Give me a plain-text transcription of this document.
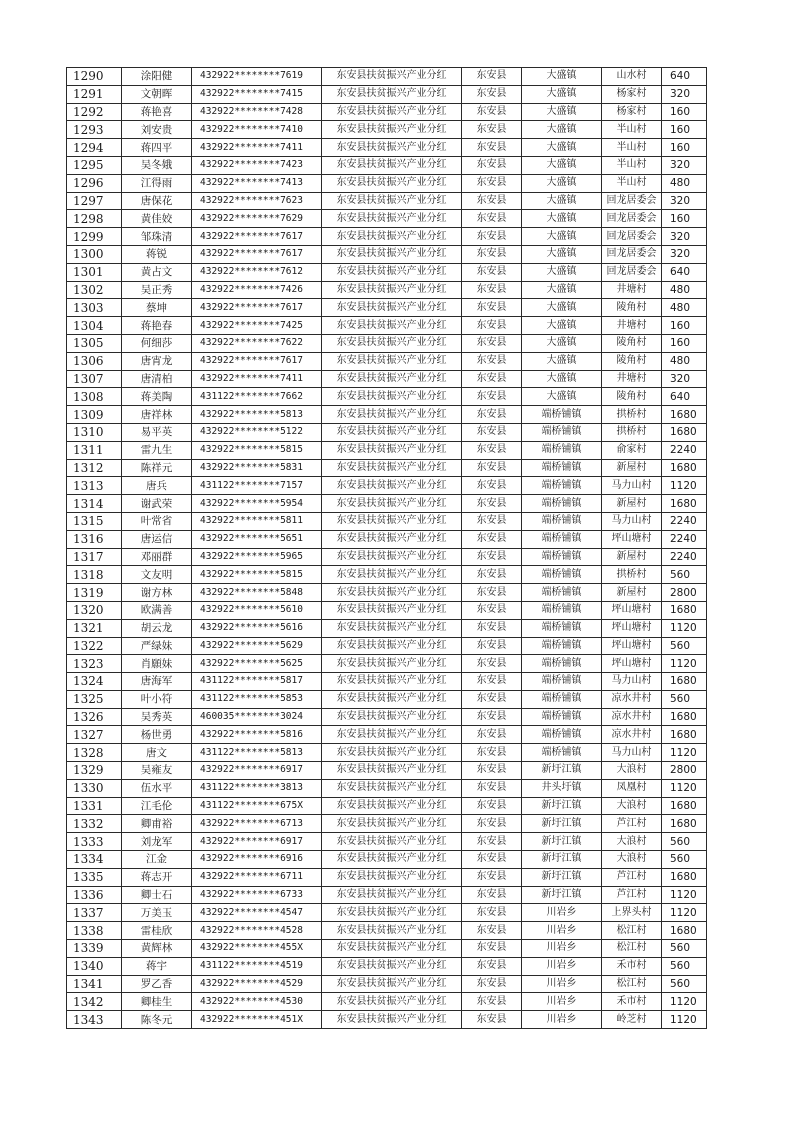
1290	涂阳健	432922********7619	东安县扶贫振兴产业分红	东安县	大盛镇	山水村	640
1291	文朝晖	432922********7415	东安县扶贫振兴产业分红	东安县	大盛镇	杨家村	320
1292	蒋艳喜	432922********7428	东安县扶贫振兴产业分红	东安县	大盛镇	杨家村	160
1293	刘安贵	432922********7410	东安县扶贫振兴产业分红	东安县	大盛镇	半山村	160
1294	蒋四平	432922********7411	东安县扶贫振兴产业分红	东安县	大盛镇	半山村	160
1295	吴冬娥	432922********7423	东安县扶贫振兴产业分红	东安县	大盛镇	半山村	320
1296	江得雨	432922********7413	东安县扶贫振兴产业分红	东安县	大盛镇	半山村	480
1297	唐保花	432922********7623	东安县扶贫振兴产业分红	东安县	大盛镇	回龙居委会	320
1298	黄佳姣	432922********7629	东安县扶贫振兴产业分红	东安县	大盛镇	回龙居委会	160
1299	邹珠清	432922********7617	东安县扶贫振兴产业分红	东安县	大盛镇	回龙居委会	320
1300	蒋锐	432922********7617	东安县扶贫振兴产业分红	东安县	大盛镇	回龙居委会	320
1301	黄占文	432922********7612	东安县扶贫振兴产业分红	东安县	大盛镇	回龙居委会	640
1302	吴正秀	432922********7426	东安县扶贫振兴产业分红	东安县	大盛镇	井塘村	480
1303	蔡坤	432922********7617	东安县扶贫振兴产业分红	东安县	大盛镇	陵角村	480
1304	蒋艳春	432922********7425	东安县扶贫振兴产业分红	东安县	大盛镇	井塘村	160
1305	何细莎	432922********7622	东安县扶贫振兴产业分红	东安县	大盛镇	陵角村	160
1306	唐宵龙	432922********7617	东安县扶贫振兴产业分红	东安县	大盛镇	陵角村	480
1307	唐清柏	432922********7411	东安县扶贫振兴产业分红	东安县	大盛镇	井塘村	320
1308	蒋美陶	431122********7662	东安县扶贫振兴产业分红	东安县	大盛镇	陵角村	640
1309	唐祥林	432922********5813	东安县扶贫振兴产业分红	东安县	端桥铺镇	拱桥村	1680
1310	易平英	432922********5122	东安县扶贫振兴产业分红	东安县	端桥铺镇	拱桥村	1680
1311	雷九生	432922********5815	东安县扶贫振兴产业分红	东安县	端桥铺镇	俞家村	2240
1312	陈祥元	432922********5831	东安县扶贫振兴产业分红	东安县	端桥铺镇	新屋村	1680
1313	唐兵	431122********7157	东安县扶贫振兴产业分红	东安县	端桥铺镇	马力山村	1120
1314	谢武荣	432922********5954	东安县扶贫振兴产业分红	东安县	端桥铺镇	新屋村	1680
1315	叶常省	432922********5811	东安县扶贫振兴产业分红	东安县	端桥铺镇	马力山村	2240
1316	唐运信	432922********5651	东安县扶贫振兴产业分红	东安县	端桥铺镇	坪山塘村	2240
1317	邓丽群	432922********5965	东安县扶贫振兴产业分红	东安县	端桥铺镇	新屋村	2240
1318	文友明	432922********5815	东安县扶贫振兴产业分红	东安县	端桥铺镇	拱桥村	560
1319	谢方林	432922********5848	东安县扶贫振兴产业分红	东安县	端桥铺镇	新屋村	2800
1320	欧满善	432922********5610	东安县扶贫振兴产业分红	东安县	端桥铺镇	坪山塘村	1680
1321	胡云龙	432922********5616	东安县扶贫振兴产业分红	东安县	端桥铺镇	坪山塘村	1120
1322	严绿妹	432922********5629	东安县扶贫振兴产业分红	东安县	端桥铺镇	坪山塘村	560
1323	肖願妹	432922********5625	东安县扶贫振兴产业分红	东安县	端桥铺镇	坪山塘村	1120
1324	唐海军	431122********5817	东安县扶贫振兴产业分红	东安县	端桥铺镇	马力山村	1680
1325	叶小符	431122********5853	东安县扶贫振兴产业分红	东安县	端桥铺镇	凉水井村	560
1326	吴秀英	460035********3024	东安县扶贫振兴产业分红	东安县	端桥铺镇	凉水井村	1680
1327	杨世勇	432922********5816	东安县扶贫振兴产业分红	东安县	端桥铺镇	凉水井村	1680
1328	唐文	431122********5813	东安县扶贫振兴产业分红	东安县	端桥铺镇	马力山村	1120
1329	吴雍友	432922********6917	东安县扶贫振兴产业分红	东安县	新圩江镇	大浪村	2800
1330	伍水平	431122********3813	东安县扶贫振兴产业分红	东安县	井头圩镇	凤凰村	1120
1331	江毛伦	431122********675X	东安县扶贫振兴产业分红	东安县	新圩江镇	大浪村	1680
1332	卿甫裕	432922********6713	东安县扶贫振兴产业分红	东安县	新圩江镇	芦江村	1680
1333	刘龙军	432922********6917	东安县扶贫振兴产业分红	东安县	新圩江镇	大浪村	560
1334	江金	432922********6916	东安县扶贫振兴产业分红	东安县	新圩江镇	大浪村	560
1335	蒋志开	432922********6711	东安县扶贫振兴产业分红	东安县	新圩江镇	芦江村	1680
1336	卿士石	432922********6733	东安县扶贫振兴产业分红	东安县	新圩江镇	芦江村	1120
1337	万美玉	432922********4547	东安县扶贫振兴产业分红	东安县	川岩乡	上界头村	1120
1338	雷桂欣	432922********4528	东安县扶贫振兴产业分红	东安县	川岩乡	松江村	1680
1339	黄辉林	432922********455X	东安县扶贫振兴产业分红	东安县	川岩乡	松江村	560
1340	蒋宇	431122********4519	东安县扶贫振兴产业分红	东安县	川岩乡	禾市村	560
1341	罗乙香	432922********4529	东安县扶贫振兴产业分红	东安县	川岩乡	松江村	560
1342	卿桂生	432922********4530	东安县扶贫振兴产业分红	东安县	川岩乡	禾市村	1120
1343	陈冬元	432922********451X	东安县扶贫振兴产业分红	东安县	川岩乡	岭芝村	1120
